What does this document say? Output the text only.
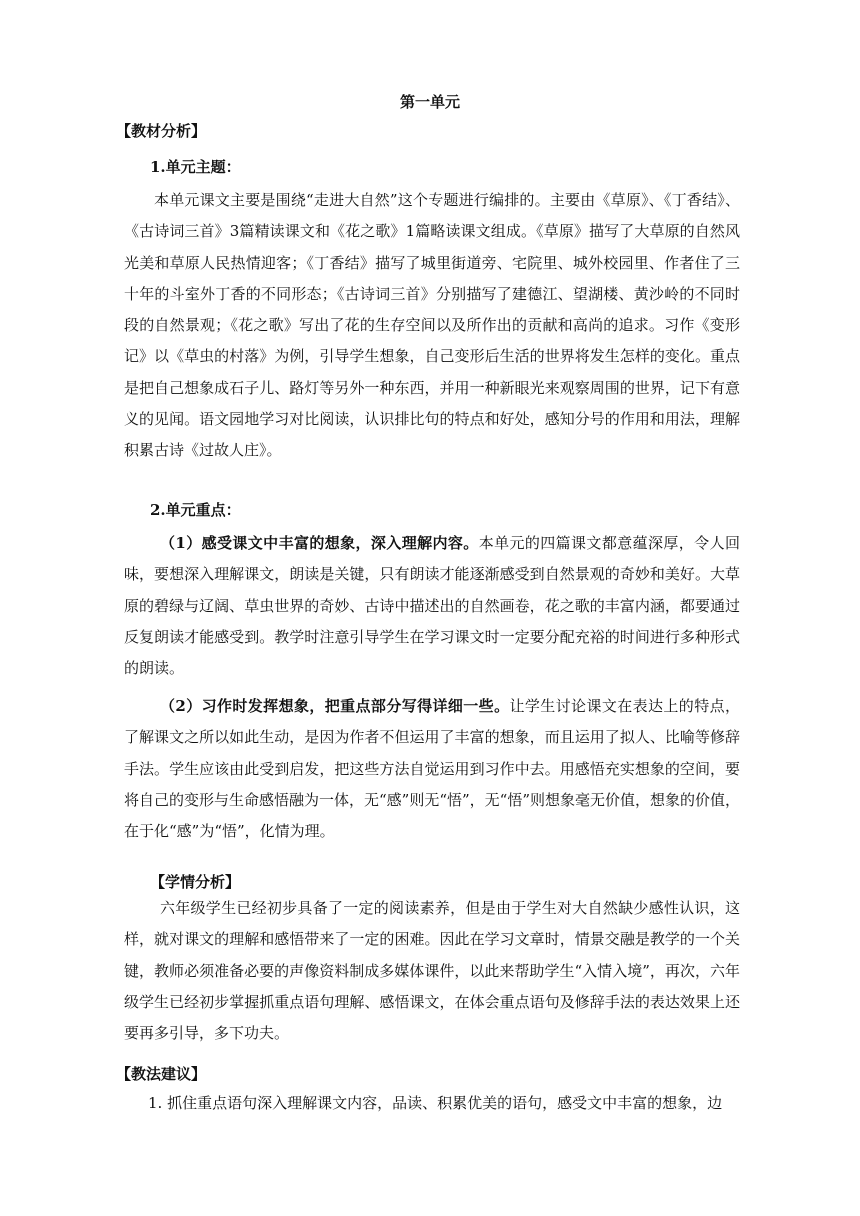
第一单元
【教材分析】
1.单元主题：

本单元课文主要是围绕“走进大自然”这个专题进行编排的。主要由《草原》、《丁香结》、《古诗词三首》3篇精读课文和《花之歌》1篇略读课文组成。《草原》描写了大草原的自然风光美和草原人民热情迎客；《丁香结》描写了城里街道旁、宅院里、城外校园里、作者住了三十年的斗室外丁香的不同形态；《古诗词三首》分别描写了建德江、望湖楼、黄沙岭的不同时段的自然景观；《花之歌》写出了花的生存空间以及所作出的贡献和高尚的追求。习作《变形记》以《草虫的村落》为例，引导学生想象，自己变形后生活的世界将发生怎样的变化。重点是把自己想象成石子儿、路灯等另外一种东西，并用一种新眼光来观察周围的世界，记下有意义的见闻。语文园地学习对比阅读，认识排比句的特点和好处，感知分号的作用和用法，理解积累古诗《过故人庄》。

2.单元重点：

（1）感受课文中丰富的想象，深入理解内容。本单元的四篇课文都意蕴深厚，令人回味，要想深入理解课文，朗读是关键，只有朗读才能逐渐感受到自然景观的奇妙和美好。大草原的碧绿与辽阔、草虫世界的奇妙、古诗中描述出的自然画卷，花之歌的丰富内涵，都要通过反复朗读才能感受到。教学时注意引导学生在学习课文时一定要分配充裕的时间进行多种形式的朗读。

（2）习作时发挥想象，把重点部分写得详细一些。让学生讨论课文在表达上的特点，了解课文之所以如此生动，是因为作者不但运用了丰富的想象，而且运用了拟人、比喻等修辞手法。学生应该由此受到启发，把这些方法自觉运用到习作中去。用感悟充实想象的空间，要将自己的变形与生命感悟融为一体，无“感”则无“悟”，无“悟”则想象毫无价值，想象的价值，在于化“感”为“悟”，化情为理。

【学情分析】

六年级学生已经初步具备了一定的阅读素养，但是由于学生对大自然缺少感性认识，这样，就对课文的理解和感悟带来了一定的困难。因此在学习文章时，情景交融是教学的一个关键，教师必须准备必要的声像资料制成多媒体课件，以此来帮助学生“入情入境”，再次，六年级学生已经初步掌握抓重点语句理解、感悟课文，在体会重点语句及修辞手法的表达效果上还要再多引导，多下功夫。

【教法建议】

1. 抓住重点语句深入理解课文内容，品读、积累优美的语句，感受文中丰富的想象，边
